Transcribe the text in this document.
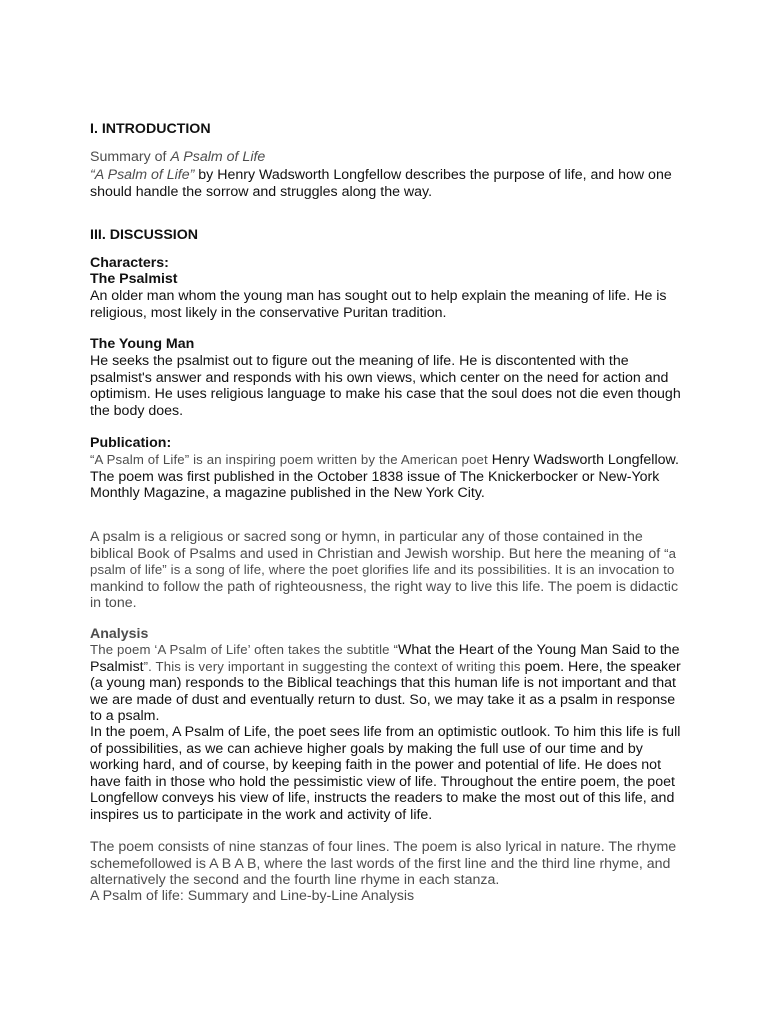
I. INTRODUCTION

Summary of A Psalm of Life

“A Psalm of Life” by Henry Wadsworth Longfellow describes the purpose of life, and how one should handle the sorrow and struggles along the way.

III. DISCUSSION

Characters:

The Psalmist

An older man whom the young man has sought out to help explain the meaning of life. He is religious, most likely in the conservative Puritan tradition.

The Young Man

He seeks the psalmist out to figure out the meaning of life. He is discontented with the psalmist's answer and responds with his own views, which center on the need for action and optimism. He uses religious language to make his case that the soul does not die even though the body does.

Publication:

“A Psalm of Life” is an inspiring poem written by the American poet Henry Wadsworth Longfellow. The poem was first published in the October 1838 issue of The Knickerbocker or New-York Monthly Magazine, a magazine published in the New York City.

A psalm is a religious or sacred song or hymn, in particular any of those contained in the biblical Book of Psalms and used in Christian and Jewish worship. But here the meaning of “a psalm of life” is a song of life, where the poet glorifies life and its possibilities. It is an invocation to mankind to follow the path of righteousness, the right way to live this life. The poem is didactic in tone.

Analysis

The poem ‘A Psalm of Life’ often takes the subtitle “What the Heart of the Young Man Said to the Psalmist”. This is very important in suggesting the context of writing this poem. Here, the speaker (a young man) responds to the Biblical teachings that this human life is not important and that we are made of dust and eventually return to dust. So, we may take it as a psalm in response to a psalm.

In the poem, A Psalm of Life, the poet sees life from an optimistic outlook. To him this life is full of possibilities, as we can achieve higher goals by making the full use of our time and by working hard, and of course, by keeping faith in the power and potential of life. He does not have faith in those who hold the pessimistic view of life. Throughout the entire poem, the poet Longfellow conveys his view of life, instructs the readers to make the most out of this life, and inspires us to participate in the work and activity of life.

The poem consists of nine stanzas of four lines. The poem is also lyrical in nature. The rhyme schemefollowed is A B A B, where the last words of the first line and the third line rhyme, and alternatively the second and the fourth line rhyme in each stanza.

A Psalm of life: Summary and Line-by-Line Analysis
